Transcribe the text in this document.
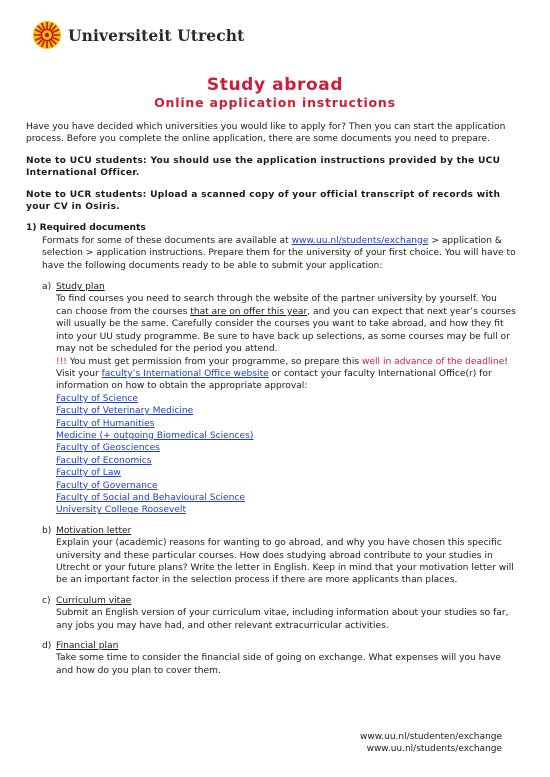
Universiteit Utrecht
Study abroad
Online application instructions

Have you have decided which universities you would like to apply for? Then you can start the application process. Before you complete the online application, there are some documents you need to prepare.

Note to UCU students: You should use the application instructions provided by the UCU International Officer.

Note to UCR students: Upload a scanned copy of your official transcript of records with your CV in Osiris.

1) Required documents

Formats for some of these documents are available at www.uu.nl/students/exchange > application & selection > application instructions. Prepare them for the university of your first choice. You will have to have the following documents ready to be able to submit your application:

a) Study plan
To find courses you need to search through the website of the partner university by yourself. You can choose from the courses that are on offer this year, and you can expect that next year’s courses will usually be the same. Carefully consider the courses you want to take abroad, and how they fit into your UU study programme. Be sure to have back up selections, as some courses may be full or may not be scheduled for the period you attend.
!!! You must get permission from your programme, so prepare this well in advance of the deadline! Visit your faculty’s International Office website or contact your faculty International Office(r) for information on how to obtain the appropriate approval:
Faculty of Science
Faculty of Veterinary Medicine
Faculty of Humanities
Medicine (+ outgoing Biomedical Sciences)
Faculty of Geosciences
Faculty of Economics
Faculty of Law
Faculty of Governance
Faculty of Social and Behavioural Science
University College Roosevelt
b) Motivation letter
Explain your (academic) reasons for wanting to go abroad, and why you have chosen this specific university and these particular courses. How does studying abroad contribute to your studies in Utrecht or your future plans? Write the letter in English. Keep in mind that your motivation letter will be an important factor in the selection process if there are more applicants than places.
c) Curriculum vitae
Submit an English version of your curriculum vitae, including information about your studies so far, any jobs you may have had, and other relevant extracurricular activities.
d) Financial plan
Take some time to consider the financial side of going on exchange. What expenses will you have and how do you plan to cover them.
www.uu.nl/studenten/exchange
www.uu.nl/students/exchange
